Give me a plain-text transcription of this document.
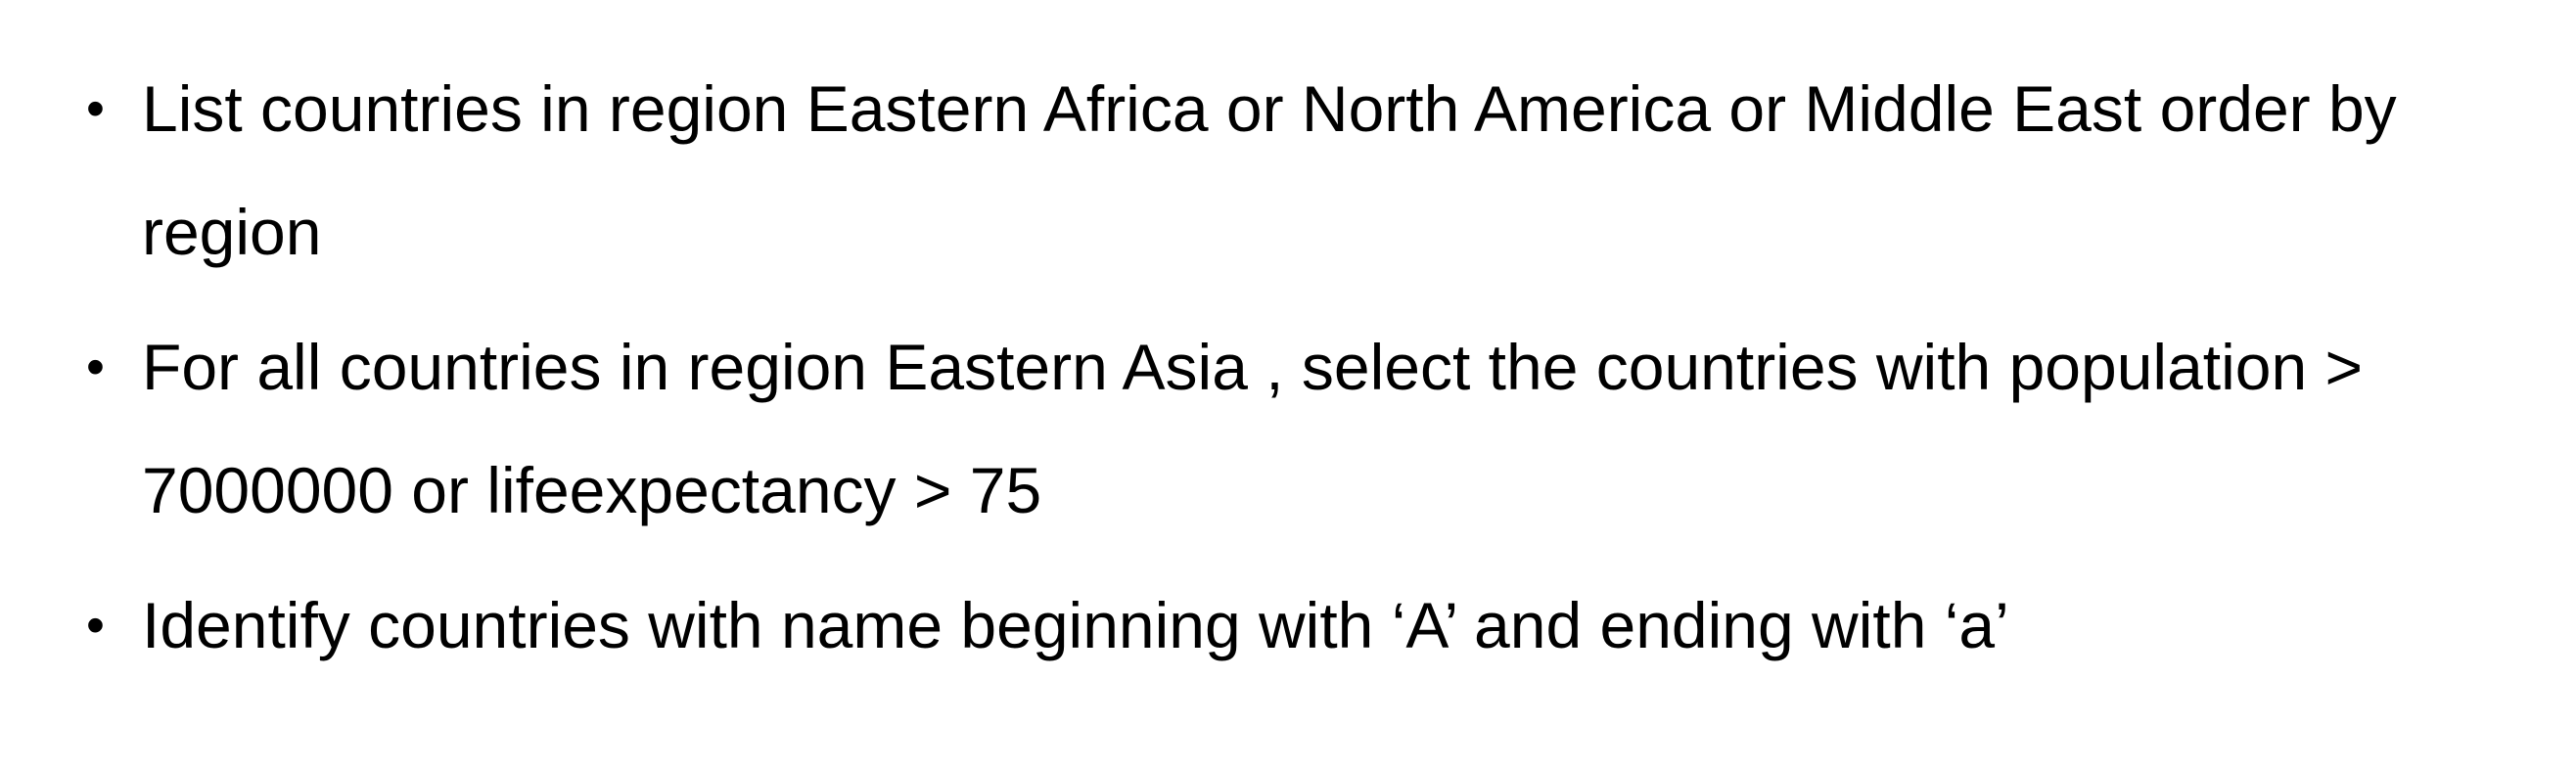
• List countries in region Eastern Africa or North America or Middle East order by region
• For all countries in region Eastern Asia , select the countries with population > 7000000 or lifeexpectancy > 75
• Identify countries with name beginning with ‘A’ and ending with ‘a’
